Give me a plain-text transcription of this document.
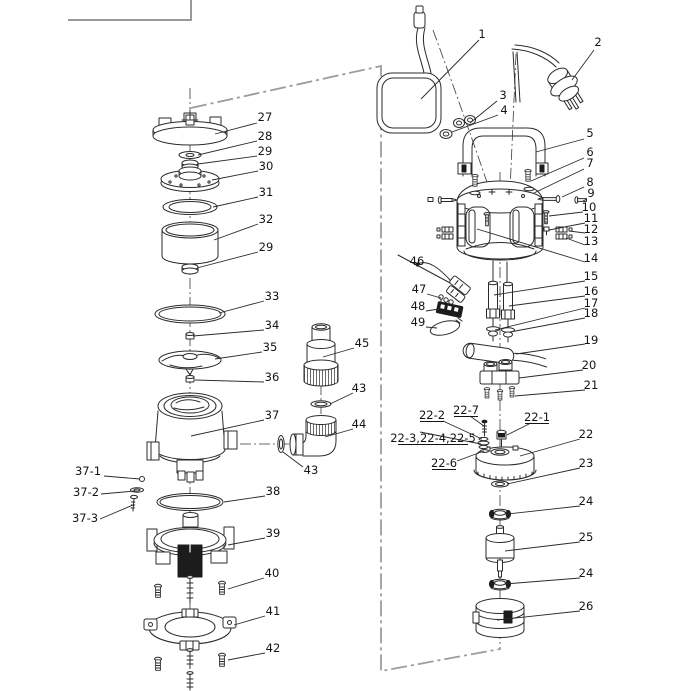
1
2
3
4
5
6
7
8
9
10
11
12
13
14
15
16
17
18
19
20
21
22
22-1
22-2 22-7
22-3,22-4,22-5
22-6	23
24
25
24
26
27
28
29
30
31
32
29
33
34
35
36
37
37-1
37-2
37-3
38
39
40
41
42
43
43
44
45
46
47
48
49
